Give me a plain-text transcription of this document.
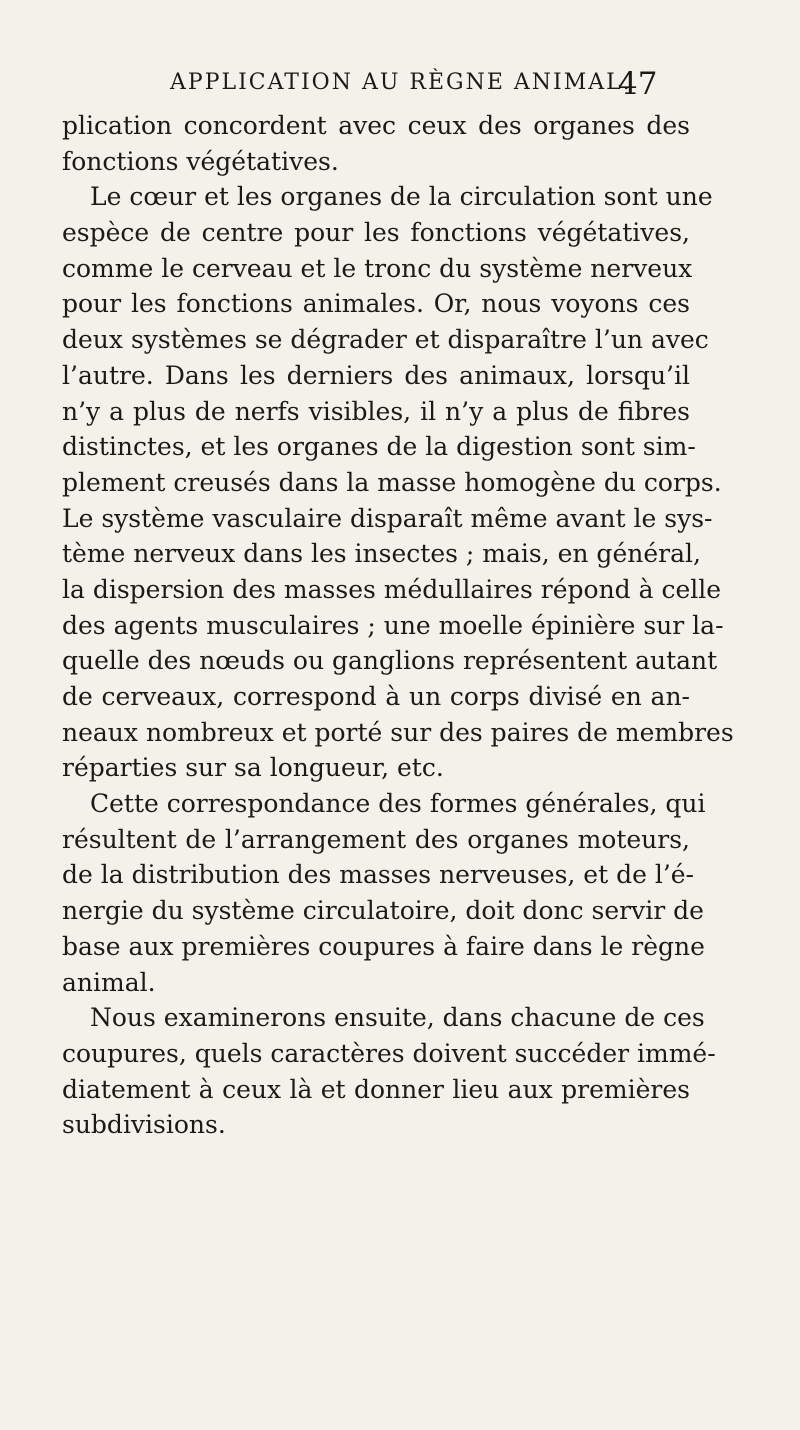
APPLICATION AU RÈGNE ANIMAL.
47
plication concordent avec ceux des organes des
fonctions végétatives.
Le cœur et les organes de la circulation sont une
espèce de centre pour les fonctions végétatives,
comme le cerveau et le tronc du système nerveux
pour les fonctions animales. Or, nous voyons ces
deux systèmes se dégrader et disparaître l’un avec
l’autre. Dans les derniers des animaux, lorsqu’il
n’y a plus de nerfs visibles, il n’y a plus de fibres
distinctes, et les organes de la digestion sont sim-
plement creusés dans la masse homogène du corps.
Le système vasculaire disparaît même avant le sys-
tème nerveux dans les insectes ; mais, en général,
la dispersion des masses médullaires répond à celle
des agents musculaires ; une moelle épinière sur la-
quelle des nœuds ou ganglions représentent autant
de cerveaux, correspond à un corps divisé en an-
neaux nombreux et porté sur des paires de membres
réparties sur sa longueur, etc.
Cette correspondance des formes générales, qui
résultent de l’arrangement des organes moteurs,
de la distribution des masses nerveuses, et de l’é-
nergie du système circulatoire, doit donc servir de
base aux premières coupures à faire dans le règne
animal.
Nous examinerons ensuite, dans chacune de ces
coupures, quels caractères doivent succéder immé-
diatement à ceux là et donner lieu aux premières
subdivisions.
